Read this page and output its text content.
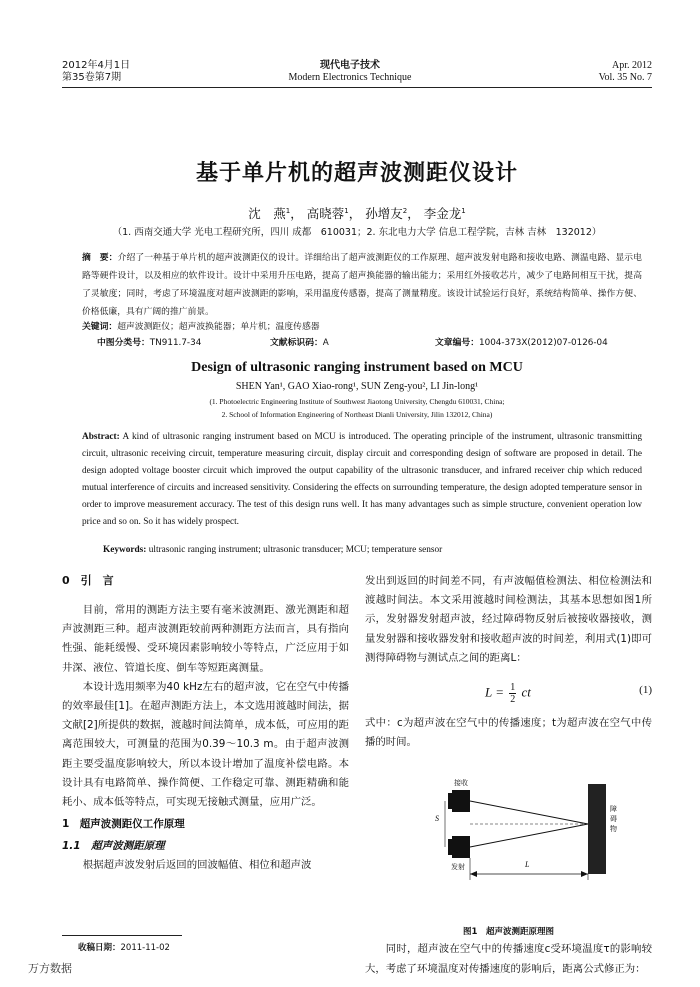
2012年4月1日
第35卷第7期
现代电子技术
Modern Electronics Technique
Apr. 2012
Vol. 35 No. 7
基于单片机的超声波测距仪设计
沈　燕$^1$， 高晓蓉$^1$， 孙增友$^2$， 李金龙$^1$
（1. 西南交通大学 光电工程研究所，四川 成都　610031；2. 东北电力大学 信息工程学院，吉林 吉林　132012）
摘　要：介绍了一种基于单片机的超声波测距仪的设计。详细给出了超声波测距仪的工作原理、超声波发射电路和接收电路、测温电路、显示电路等硬件设计，以及相应的软件设计。设计中采用升压电路，提高了超声换能器的输出能力；采用红外接收芯片，减少了电路间相互干扰，提高了灵敏度；同时，考虑了环境温度对超声波测距的影响，采用温度传感器，提高了测量精度。该设计试验运行良好，系统结构简单、操作方便、价格低廉，具有广阔的推广前景。
关键词：超声波测距仪；超声波换能器；单片机；温度传感器
中图分类号：TN911.7-34	文献标识码：A	文章编号：1004-373X(2012)07-0126-04
Design of ultrasonic ranging instrument based on MCU
SHEN Yan¹, GAO Xiao-rong¹, SUN Zeng-you², LI Jin-long¹
(1. Photoelectric Engineering Institute of Southwest Jiaotong University, Chengdu 610031, China;
2. School of Information Engineering of Northeast Dianli University, Jilin 132012, China)
Abstract: A kind of ultrasonic ranging instrument based on MCU is introduced. The operating principle of the instrument, ultrasonic transmitting circuit, ultrasonic receiving circuit, temperature measuring circuit, display circuit and corresponding design of software are proposed in detail. The design adopted voltage booster circuit which improved the output capability of the ultrasonic transducer, and infrared receiver chip which reduced mutual interference of circuits and increased sensitivity. Considering the effects on surrounding temperature, the design adopted temperature sensor in order to improve measurement accuracy. The test of this design runs well. It has many advantages such as simple structure, convenient operation low price and so on. So it has widely prospect.
Keywords: ultrasonic ranging instrument; ultrasonic transducer; MCU; temperature sensor
0　引　言

目前，常用的测距方法主要有毫米波测距、激光测距和超声波测距三种。超声波测距较前两种测距方法而言，具有指向性强、能耗缓慢、受环境因素影响较小等特点，广泛应用于如井深、液位、管道长度、倒车等短距离测量。

本设计选用频率为40 kHz左右的超声波，它在空气中传播的效率最佳[1]。在超声测距方法上，本文选用渡越时间法，据文献[2]所提供的数据，渡越时间法简单，成本低，可应用的距离范围较大，可测量的范围为0.39～10.3 m。由于超声波测距主要受温度影响较大，所以本设计增加了温度补偿电路。本设计具有电路简单、操作简便、工作稳定可靠、测距精确和能耗小、成本低等特点，可实现无接触式测量，应用广泛。

1　超声波测距仪工作原理
1.1　超声波测距原理

根据超声波发射后返回的回波幅值、相位和超声波

收稿日期：2011-11-02

发出到返回的时间差不同，有声波幅值检测法、相位检测法和渡越时间法。本文采用渡越时间检测法，其基本思想如图1所示，发射器发射超声波，经过障碍物反射后被接收器接收，测量发射器和接收器发射和接收超声波的时间差，利用式(1)即可测得障碍物与测试点之间的距离L：

$L = \frac{1}{2}$ ct	(1)

式中：c为超声波在空气中的传播速度；t为超声波在空气中传播的时间。

S
接收
发射	L
障碍物
图1　 超声波测距原理图

同时，超声波在空气中的传播速度c受环境温度τ的影响较大，考虑了环境温度对传播速度的影响后，距离公式修正为：

万方数据
